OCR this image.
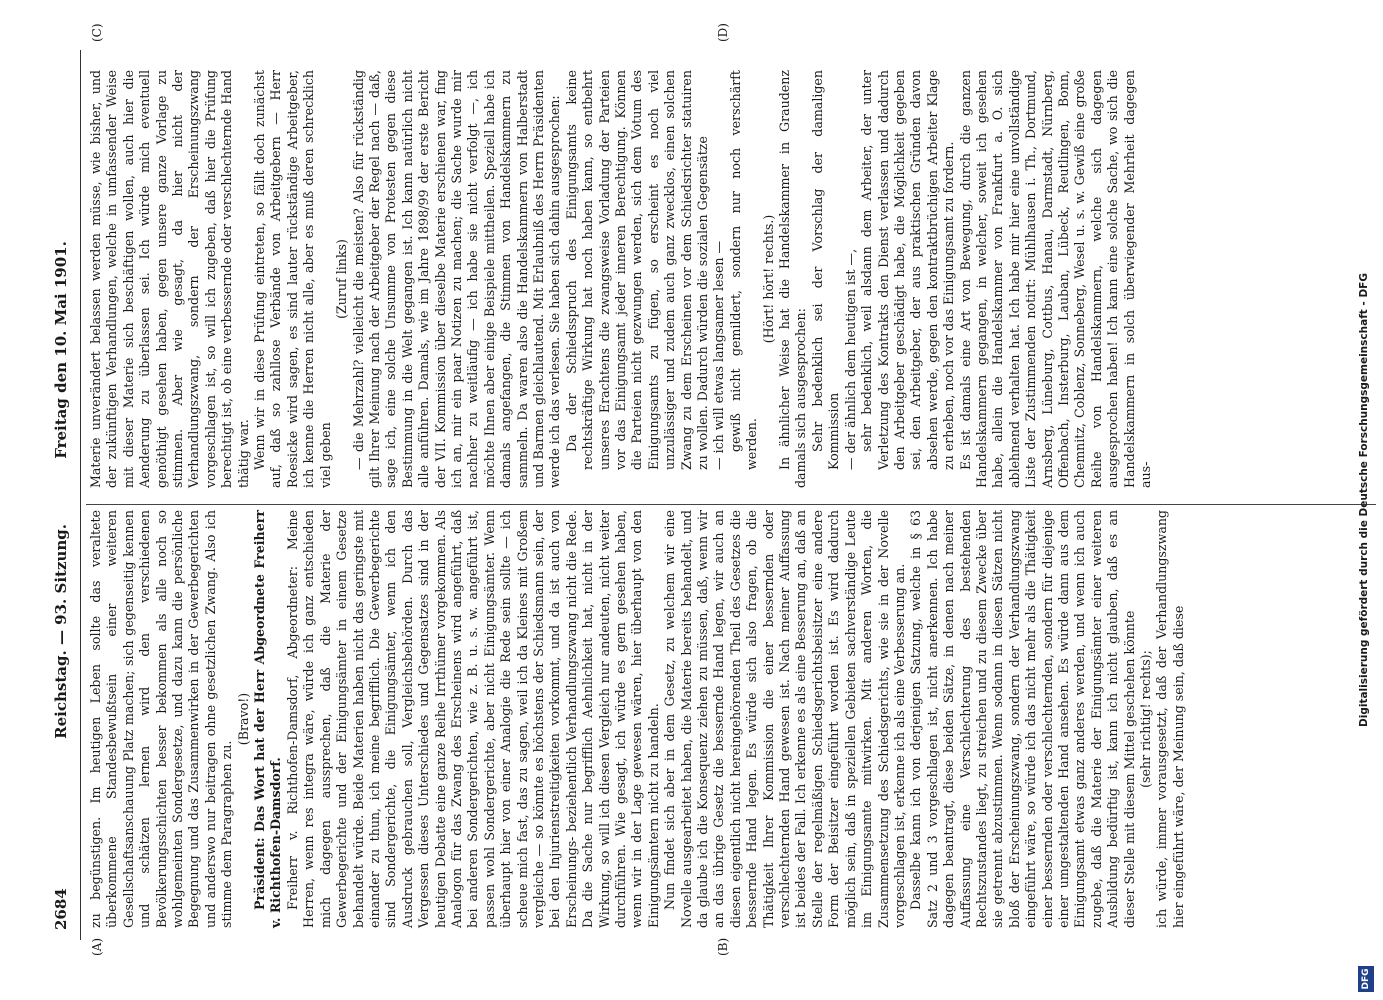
2684
Reichstag. — 93. Sitzung. Freitag den 10. Mai 1901.
(A)	(B)
(C)	(D)

zu begünstigen. Im heutigen Leben sollte das veraltete überkommene Standesbewußtsein einer weiteren Gesellschaftsanschauung Platz machen; sich gegenseitig kennen und schätzen lernen wird den verschiedenen Bevölkerungsschichten besser bekommen als alle noch so wohlgemeinten Sondergesetze, und dazu kann die persönliche Begegnung und das Zusammenwirken in der Gewerbegerichten und anderswo nur beitragen ohne gesetzlichen Zwang. Also ich stimme dem Paragraphen zu.

(Bravo!) Präsident: Das Wort hat der Herr Abgeordnete Freiherr v. Richthofen-Damsdorf. Freiherr v. Richthofen-Damsdorf, Abgeordneter: Meine Herren, wenn res integra wäre, würde ich ganz entschieden mich dagegen aussprechen, daß die Materie der Gewerbegerichte und der Einigungsämter in einem Gesetze behandelt würde. Beide Materien haben nicht das geringste mit einander zu thun, ich meine begrifflich. Die Gewerbegerichte sind Sondergerichte, die Einigungsämter, wenn ich den Ausdruck gebrauchen soll, Vergleichsbehörden. Durch das Vergessen dieses Unterschiedes und Gegensatzes sind in der heutigen Debatte eine ganze Reihe Irrthümer vorgekommen. Als Analogon für das Zwang des Erscheinens wird angeführt, daß bei anderen Sondergerichten, wie z. B. u. s. w. angeführt ist, passen wohl Sondergerichte, aber nicht Einigungsämter. Wenn überhaupt hier von einer Analogie die Rede sein sollte — ich scheue mich fast, das zu sagen, weil ich da Kleines mit Großem vergleiche — so könnte es höchstens der Schiedsmann sein, der bei den Injurienstreitigkeiten vorkommt, und da ist auch von Erscheinungs- beziehentlich Verhandlungszwang nicht die Rede. Da die Sache nur begrifflich Aehnlichkeit hat, nicht in der Wirkung, so will ich diesen Vergleich nur andeuten, nicht weiter durchführen. Wie gesagt, ich würde es gern gesehen haben, wenn wir in der Lage gewesen wären, hier überhaupt von den Einigungsämtern nicht zu handeln. Nun findet sich aber in dem Gesetz, zu welchem wir eine Novelle ausgearbeitet haben, die Materie bereits behandelt, und da glaube ich die Konsequenz ziehen zu müssen, daß, wenn wir an das übrige Gesetz die bessernde Hand legen, wir auch an diesen eigentlich nicht hereingehörenden Theil des Gesetzes die bessernde Hand legen. Es würde sich also fragen, ob die Thätigkeit Ihrer Kommission die einer bessernden oder verschlechternden Hand gewesen ist. Nach meiner Auffassung ist beides der Fall. Ich erkenne es als eine Besserung an, daß an Stelle der regelmäßigen Schiedsgerichtsbeisitzer eine andere Form der Beisitzer eingeführt worden ist. Es wird dadurch möglich sein, daß in speziellen Gebieten sachverständige Leute im Einigungsamte mitwirken. Mit anderen Worten, die Zusammensetzung des Schiedsgerichts, wie sie in der Novelle vorgeschlagen ist, erkenne ich als eine Verbesserung an. Dasselbe kann ich von derjenigen Satzung, welche in § 63 Satz 2 und 3 vorgeschlagen ist, nicht anerkennen. Ich habe dagegen beantragt, diese beiden Sätze, in denen nach meiner Auffassung eine Verschlechterung des bestehenden Rechtszustandes liegt, zu streichen und zu diesem Zwecke über sie getrennt abzustimmen. Wenn sodann in diesen Sätzen nicht bloß der Erscheinungszwang, sondern der Verhandlungszwang eingeführt wäre, so würde ich das nicht mehr als die Thätigkeit einer bessernden oder verschlechternden, sondern für diejenige einer umgestaltenden Hand ansehen. Es würde dann aus dem Einigungsamt etwas ganz anderes werden, und wenn ich auch zugebe, daß die Materie der Einigungsämter einer weiteren Ausbildung bedürftig ist, kann ich nicht glauben, daß es an dieser Stelle mit diesem Mittel geschehen könnte (sehr richtig! rechts); ich würde, immer vorausgesetzt, daß der Verhandlungszwang hier eingeführt wäre, der Meinung sein, daß diese

Materie unverändert belassen werden müsse, wie bisher, und der zukünftigen Verhandlungen, welche in umfassender Weise mit dieser Materie sich beschäftigen wollen, auch hier die Aenderung zu überlassen sei. Ich würde mich eventuell genöthigt gesehen haben, gegen unsere ganze Vorlage zu stimmen. Aber wie gesagt, da hier nicht der Verhandlungszwang, sondern der Erscheinungszwang vorgeschlagen ist, so will ich zugeben, daß hier die Prüfung berechtigt ist, ob eine verbessernde oder verschlechternde Hand thätig war. Wenn wir in diese Prüfung eintreten, so fällt doch zunächst auf, daß so zahllose Verbände von Arbeitgebern — Herr Roesicke wird sagen, es sind lauter rückständige Arbeitgeber, ich kenne die Herren nicht alle, aber es muß deren schrecklich viel geben

(Zuruf links) — die Mehrzahl? vielleicht die meisten? Also für rückständig gilt Ihrer Meinung nach der Arbeitgeber der Regel nach — daß, sage ich, eine solche Unsumme von Protesten gegen diese Bestimmung in die Welt gegangen ist. Ich kann natürlich nicht alle anführen. Damals, wie im Jahre 1898/99 der erste Bericht der VII. Kommission über dieselbe Materie erschienen war, fing ich an, mir ein paar Notizen zu machen; die Sache wurde mir nachher zu weitläufig — ich habe sie nicht verfolgt —, ich möchte Ihnen aber einige Beispiele mittheilen. Speziell habe ich damals angefangen, die Stimmen von Handelskammern zu sammeln. Da waren also die Handelskammern von Halberstadt und Barmen gleichlautend. Mit Erlaubniß des Herrn Präsidenten werde ich das verlesen. Sie haben sich dahin ausgesprochen: Da der Schiedsspruch des Einigungsamts keine rechtskräftige Wirkung hat noch haben kann, so entbehrt unseres Erachtens die zwangsweise Vorladung der Parteien vor das Einigungsamt jeder inneren Berechtigung. Können die Parteien nicht gezwungen werden, sich dem Votum des Einigungsamts zu fügen, so erscheint es noch viel unzulässiger und zudem auch ganz zwecklos, einen solchen Zwang zu dem Erscheinen vor dem Schiedsrichter statuiren zu wollen. Dadurch würden die sozialen Gegensätze — ich will etwas langsamer lesen — gewiß nicht gemildert, sondern nur noch verschärft werden.

(Hört! hört! rechts.) In ähnlicher Weise hat die Handelskammer in Graudenz damals sich ausgesprochen: Sehr bedenklich sei der Vorschlag der damaligen Kommission — der ähnlich dem heutigen ist —, sehr bedenklich, weil alsdann dem Arbeiter, der unter Verletzung des Kontrakts den Dienst verlassen und dadurch den Arbeitgeber geschädigt habe, die Möglichkeit gegeben sei, den Arbeitgeber, der aus praktischen Gründen davon absehen werde, gegen den kontraktbrüchigen Arbeiter Klage zu erheben, noch vor das Einigungsamt zu fordern. Es ist damals eine Art von Bewegung, durch die ganzen Handelskammern gegangen, in welcher, soweit ich gesehen habe, allein die Handelskammer von Frankfurt a. O. sich ablehnend verhalten hat. Ich habe mir hier eine unvollständige Liste der Zustimmenden notirt: Mühlhausen i. Th., Dortmund, Arnsberg, Lüneburg, Cottbus, Hanau, Darmstadt, Nürnberg, Offenbach, Insterburg, Lauban, Lübeck, Reutlingen, Bonn, Chemnitz, Coblenz, Sonneberg, Wesel u. s. w. Gewiß eine große Reihe von Handelskammern, welche sich dagegen ausgesprochen haben! Ich kann eine solche Sache, wo sich die Handelskammern in solch überwiegender Mehrheit dagegen aus-

DFG
Digitalisierung gefördert durch die Deutsche Forschungsgemeinschaft - DFG
